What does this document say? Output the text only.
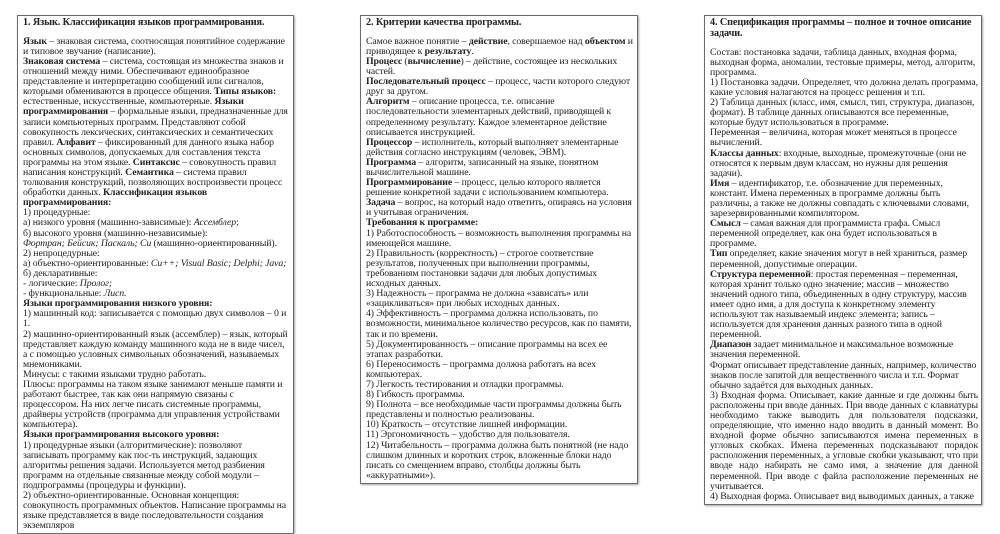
1. Язык. Классификация языков программирования.

Язык – знаковая система, соотносящая понятийное содержание и типовое звучание (написание).

Знаковая система – система, состоящая из множества знаков и отношений между ними. Обеспечивают единообразное представление и интерпретацию сообщений или сигналов, которыми обмениваются в процессе общения. Типы языков: естественные, искусственные, компьютерные. Языки программирования – формальные языки, предназначенные для записи компьютерных программ. Представляют собой совокупность лексических, синтаксических и семантических правил. Алфавит – фиксированный для данного языка набор основных символов, допускаемых для составления текста программы на этом языке. Синтаксис – совокупность правил написания конструкций. Семантика – система правил толкования конструкций, позволяющих воспроизвести процесс обработки данных. Классификация языков программирования:

1) процедурные:

а) низкого уровня (машинно-зависимые): Ассемблер;

б) высокого уровня (машинно-независимые):

Фортран; Бейсик; Паскаль; Си (машинно-ориентированный).

2) непроцедурные:

а) объектно-ориентированные: Си++; Visual Basic; Delphi; Java;

б) декларативные:

- логические: Пролог;

- функциональные: Лисп.

Языки программирования низкого уровня:

1) машинный код: записывается с помощью двух символов – 0 и 1.

2) машинно-ориентированный язык (ассемблер) – язык, который представляет каждую команду машинного кода не в виде чисел, а с помощью условных символьных обозначений, называемых мнемониками.

Минусы: с такими языками трудно работать.

Плюсы: программы на таком языке занимают меньше памяти и работают быстрее, так как они напрямую связаны с процессором. На них легче писать системные программы, драйверы устройств (программа для управления устройствами компьютера).

Языки программирования высокого уровня:

1) процедурные языки (алгоритмические): позволяют записывать программу как пос-ть инструкций, задающих алгоритмы решения задачи. Используется метод разбиения программ на отдельные связанные между собой модули – подпрограммы (процедуры и функции).

2) объектно-ориентированные. Основная концепция: совокупность программных объектов. Написание программы на языке представляется в виде последовательности создания экземпляров

2. Критерии качества программы.

Самое важное понятие – действие, совершаемое над объектом и приводящее к результату.

Процесс (вычисление) – действие, состоящее из нескольких частей.

Последовательный процесс – процесс, части которого следуют друг за другом.

Алгоритм – описание процесса, т.е. описание последовательности элементарных действий, приводящей к определенному результату. Каждое элементарное действие описывается инструкцией.

Процессор – исполнитель, который выполняет элементарные действия согласно инструкциям (человек, ЭВМ).

Программа – алгоритм, записанный на языке, понятном вычислительной машине.

Программирование – процесс, целью которого является решение конкретной задачи с использованием компьютера.

Задача – вопрос, на который надо ответить, опираясь на условия и учитывая ограничения.

Требования к программе:

1) Работоспособность – возможность выполнения программы на имеющейся машине.

2) Правильность (корректность) – строгое соответствие результатов, полученных при выполнении программы, требованиям постановки задачи для любых допустимых исходных данных.

3) Надежность – программа не должна «зависать» или «зацикливаться» при любых исходных данных.

4) Эффективность – программа должна использовать, по возможности, минимальное количество ресурсов, как по памяти, так и по времени.

5) Документированность – описание программы на всех ее этапах разработки.

6) Переносимость – программа должна работать на всех компьютерах.

7) Легкость тестирования и отладки программы.

8) Гибкость программы.

9) Полнота – все необходимые части программы должны быть представлены и полностью реализованы.

10) Краткость – отсутствие лишней информации.

11) Эргономичность – удобство для пользователя.

12) Читабельность – программа должна быть понятной (не надо слишком длинных и коротких строк, вложенные блоки надо писать со смещением вправо, столбцы должны быть «аккуратными»).

4. Спецификация программы – полное и точное описание задачи.

Состав: постановка задачи, таблица данных, входная форма, выходная форма, аномалии, тестовые примеры, метод, алгоритм, программа.

1) Постановка задачи. Определяет, что должна делать программа, какие условия налагаются на процесс решения и т.п.

2) Таблица данных (класс, имя, смысл, тип, структура, диапазон, формат). В таблице данных описываются все переменные, которые будут использоваться в программе.

Переменная – величина, которая может меняться в процессе вычислений.

Классы данных: входные, выходные, промежуточные (они не относятся к первым двум классам, но нужны для решения задачи).

Имя – идентификатор, т.е. обозначение для переменных, констант. Имена переменных в программе должны быть различны, а также не должны совпадать с ключевыми словами, зарезервированными компилятором.

Смысл – самая важная для программиста графа. Смысл переменной определяет, как она будет использоваться в программе.

Тип определяет, какие значения могут в ней храниться, размер переменной, допустимые операции.

Структура переменной: простая переменная – переменная, которая хранит только одно значение; массив – множество значений одного типа, объединенных в одну структуру, массив имеет одно имя, а для доступа к конкретному элементу используют так называемый индекс элемента; запись – используется для хранения данных разного типа в одной переменной.

Диапазон задает минимальное и максимальное возможные значения переменной.

Формат описывает представление данных, например, количество знаков после запятой для вещественного числа и т.п. Формат обычно задаётся для выходных данных.

3) Входная форма. Описывает, какие данные и где должны быть расположены при вводе данных. При вводе данных с клавиатуры необходимо также выводить для пользователя подсказки, определяющие, что именно надо вводить в данный момент. Во входной форме обычно записываются имена переменных в угловых скобках. Имена переменных подсказывают порядок расположения переменных, а угловые скобки указывают, что при вводе надо набирать не само имя, а значение для данной переменной. При вводе с файла расположение переменных не учитывается.

4) Выходная форма. Описывает вид выводимых данных, а также
